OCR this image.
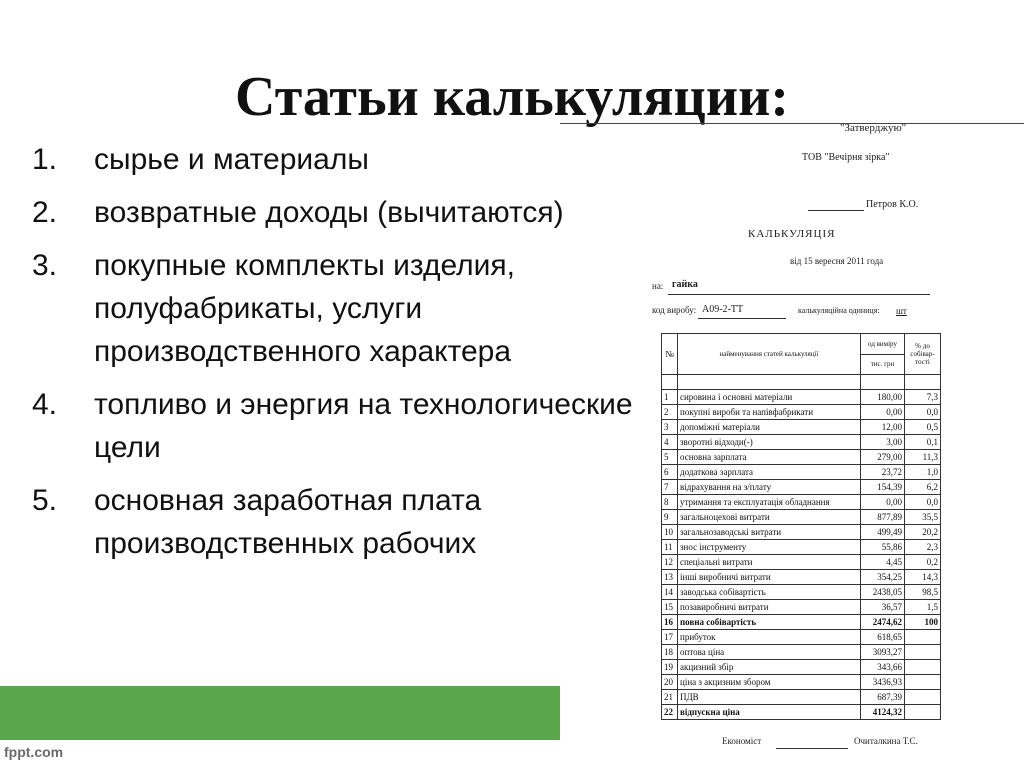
Статьи калькуляции:
1. сырье и материалы
2. возвратные доходы (вычитаются)
3. покупные комплекты изделия, полуфабрикаты, услуги производственного характера
4. топливо и энергия на технологические цели
5. основная заработная плата производственных рабочих
"Затверджую"
ТОВ "Вечірня зірка"
Петров К.О.
КАЛЬКУЛЯЦІЯ
від 15 вересня 2011 года
на: гайка
код виробу: А09-2-ТТ	калькуляційна одиниця: шт
Економіст	Очиталкина Т.С.
№	найменування статей калькуляції	од виміру	% до собівар-тості
		тис. грн	

1	сировина і основні матеріали	180,00	7,3
2	покупні вироби та напівфабрикати	0,00	0,0
3	допоміжні матеріали	12,00	0,5
4	зворотні відходи(-)	3,00	0,1
5	основна зарплата	279,00	11,3
6	додаткова зарплата	23,72	1,0
7	відрахування на з/плату	154,39	6,2
8	утримання та експлуатація обладнання	0,00	0,0
9	загальноцехові витрати	877,89	35,5
10	загальнозаводські витрати	499,49	20,2
11	знос інструменту	55,86	2,3
12	спеціальні витрати	4,45	0,2
13	інші виробничі витрати	354,25	14,3
14	заводська собівартість	2438,05	98,5
15	позавиробничі витрати	36,57	1,5
16	повна собівартість	2474,62	100
17	прибуток	618,65	
18	оптова ціна	3093,27	
19	акцизний збір	343,66	
20	ціна з акцизним збором	3436,93	
21	ПДВ	687,39	
22	відпускна ціна	4124,32	
fppt.com
